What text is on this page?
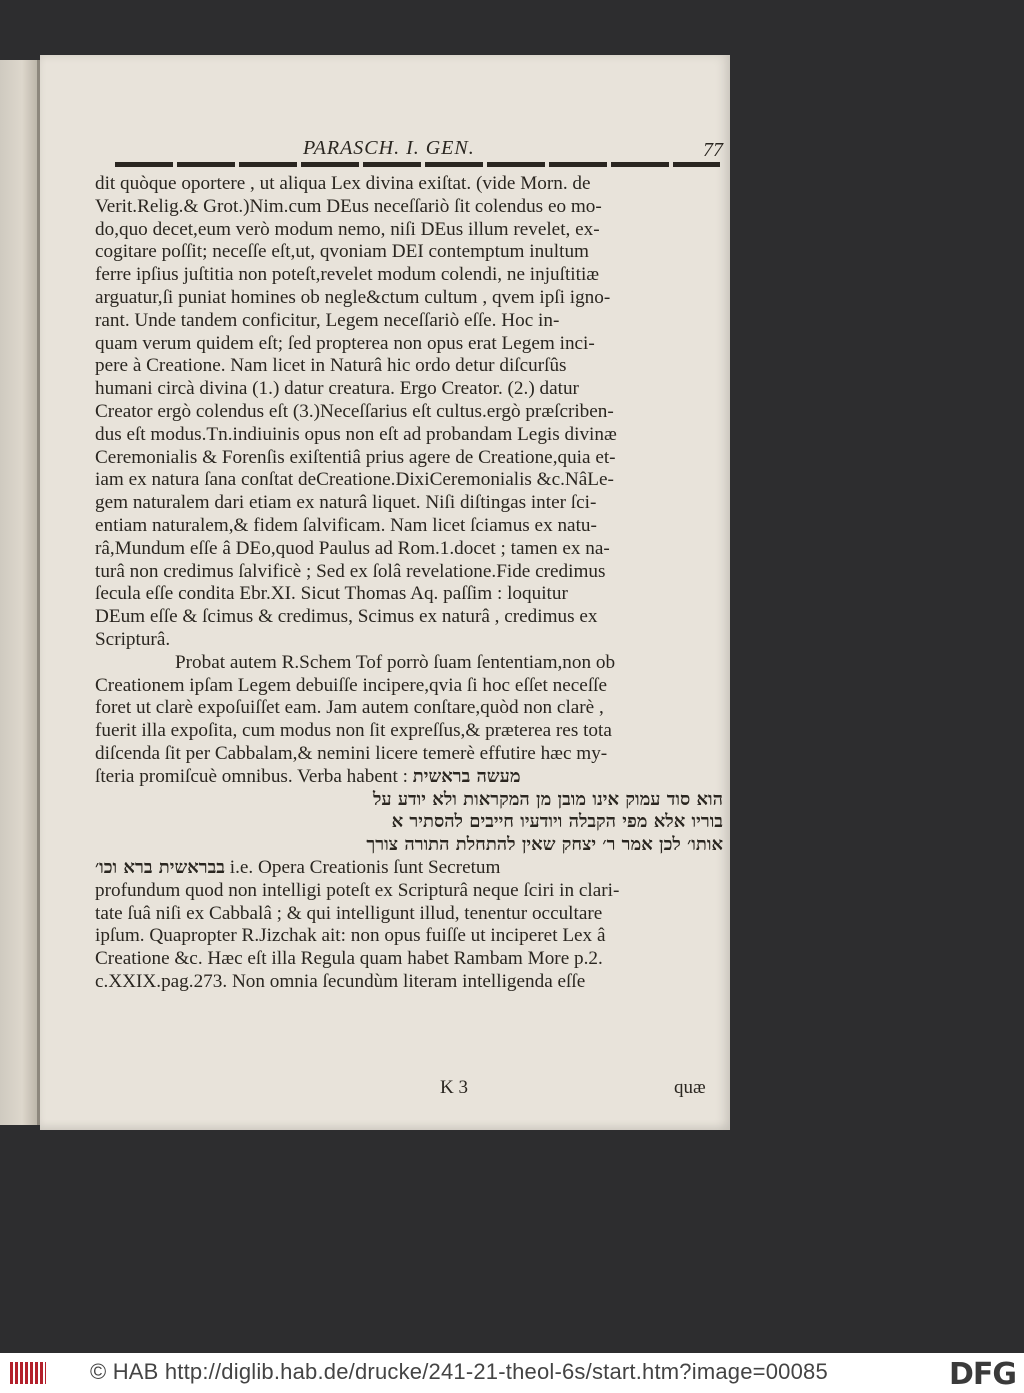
PARASCH. I. GEN.	77
dit quòque oportere , ut aliqua Lex divina exiſtat. (vide Morn. de
Verit.Relig.& Grot.)Nim.cum DEus neceſſariò ſit colendus eo mo-
do,quo decet,eum verò modum nemo, niſi DEus illum revelet, ex-
cogitare poſſit; neceſſe eſt,ut, qvoniam DEI contemptum inultum
ferre ipſius juſtitia non poteſt,revelet modum colendi, ne injuſtitiæ
arguatur,ſi puniat homines ob negle&ctum cultum , qvem ipſi igno-
rant. Unde tandem conficitur, Legem neceſſariò eſſe. Hoc in-
quam verum quidem eſt; ſed propterea non opus erat Legem inci-
pere à Creatione. Nam licet in Naturâ hic ordo detur diſcurſûs
humani circà divina (1.) datur creatura. Ergo Creator. (2.) datur
Creator ergò colendus eſt (3.)Neceſſarius eſt cultus.ergò præſcriben-
dus eſt modus.Tn.indiuinis opus non eſt ad probandam Legis divinæ
Ceremonialis & Forenſis exiſtentiâ prius agere de Creatione,quia et-
iam ex natura ſana conſtat deCreatione.DixiCeremonialis &c.NâLe-
gem naturalem dari etiam ex naturâ liquet. Niſi diſtingas inter ſci-
entiam naturalem,& fidem ſalvificam. Nam licet ſciamus ex natu-
râ,Mundum eſſe â DEo,quod Paulus ad Rom.1.docet ; tamen ex na-
turâ non credimus ſalvificè ; Sed ex ſolâ revelatione.Fide credimus
ſecula eſſe condita Ebr.XI. Sicut Thomas Aq. paſſim : loquitur
DEum eſſe & ſcimus & credimus, Scimus ex naturâ , credimus ex
Scripturâ.
Probat autem R.Schem Tof porrò ſuam ſententiam,non ob
Creationem ipſam Legem debuiſſe incipere,qvia ſi hoc eſſet neceſſe
foret ut clarè expoſuiſſet eam. Jam autem conſtare,quòd non clarè ,
fuerit illa expoſita, cum modus non ſit expreſſus,& præterea res tota
diſcenda ſit per Cabbalam,& nemini licere temerè effutire hæc my-
ſteria promiſcuè omnibus. Verba habent : מעשה בראשית
הוא סוד עמוק אינו מובן מן המקראות ולא יודע על
בוריו אלא מפי הקבלה ויודעיו חייבים להסתיר א
אותו׳ לכן אמר ר׳ יצחק שאין להתחלת התורה צורך
בבראשית ברא וכו׳ i.e. Opera Creationis ſunt Secretum
profundum quod non intelligi poteſt ex Scripturâ neque ſciri in clari-
tate ſuâ niſi ex Cabbalâ ; & qui intelligunt illud, tenentur occultare
ipſum. Quapropter R.Jizchak ait: non opus fuiſſe ut inciperet Lex â
Creatione &c. Hæc eſt illa Regula quam habet Rambam More p.2.
c.XXIX.pag.273. Non omnia ſecundùm literam intelligenda eſſe
K 3	quæ
© HAB http://diglib.hab.de/drucke/241-21-theol-6s/start.htm?image=00085	DFG
